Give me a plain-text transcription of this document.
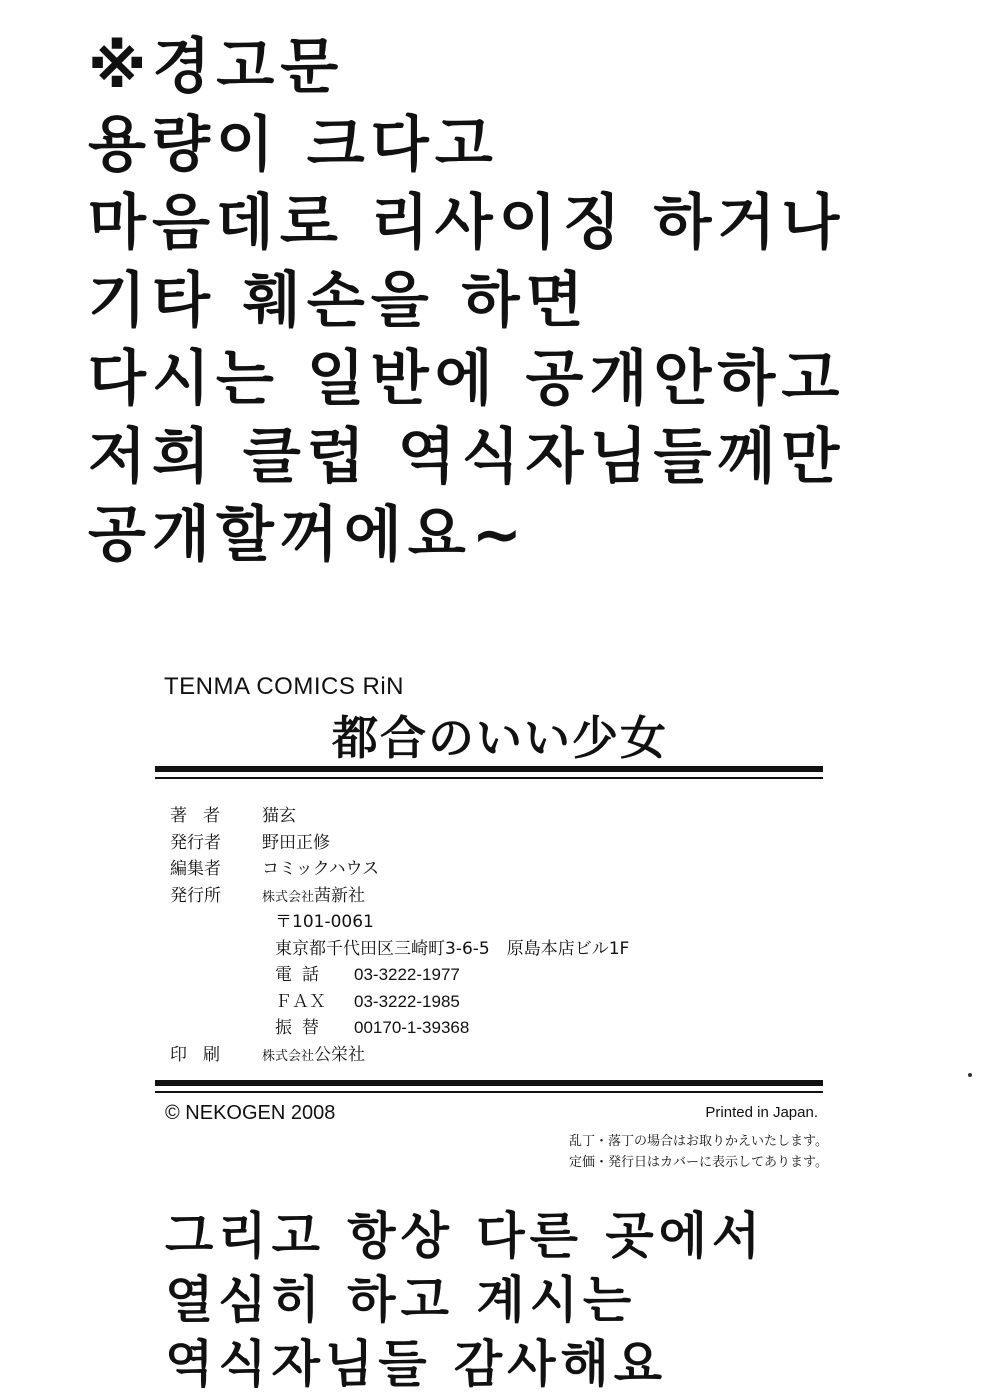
※경고문
용량이 크다고
마음데로 리사이징 하거나
기타 훼손을 하면
다시는 일반에 공개안하고
저희 클럽 역식자님들께만
공개할꺼에요~
TENMA COMICS RiN
都合のいい少女
著者	猫玄
発行者	野田正修
編集者	コミックハウス
発行所	株式会社茜新社
〒101-0061
東京都千代田区三崎町3-6-5　原島本店ビル1F
電話	03-3222-1977
ＦＡＸ	03-3222-1985
振替	00170-1-39368
印刷	株式会社公栄社
© NEKOGEN 2008	Printed in Japan.
乱丁・落丁の場合はお取りかえいたします。
定価・発行日はカバーに表示してあります。
그리고 항상 다른 곳에서
열심히 하고 계시는
역식자님들 감사해요
